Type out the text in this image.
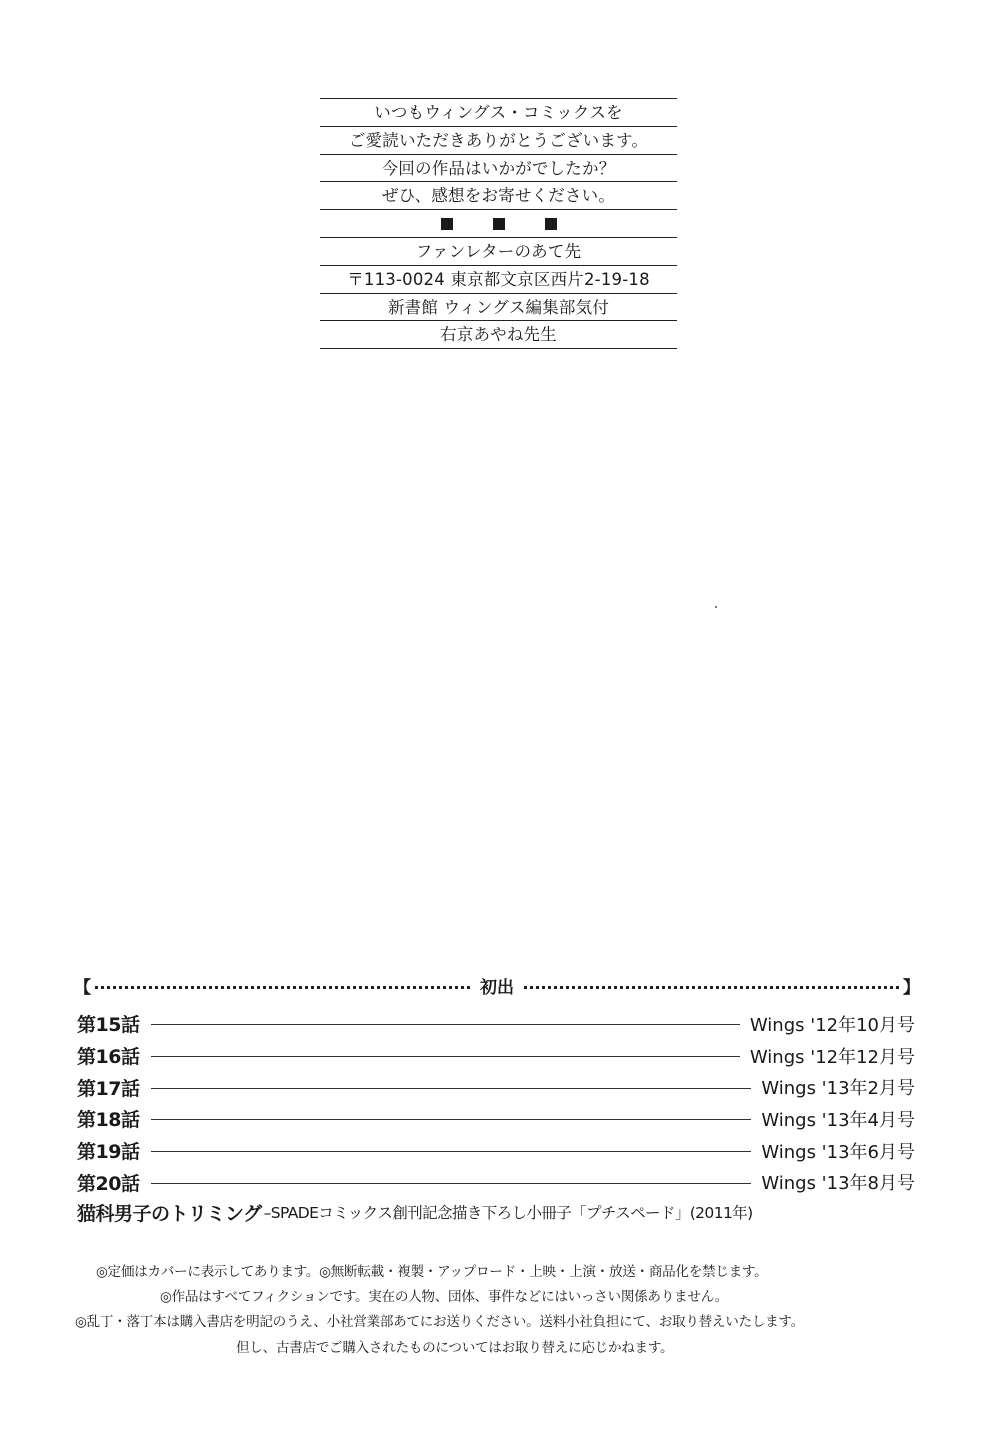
いつもウィングス・コミックスを
ご愛読いただきありがとうございます。
今回の作品はいかがでしたか？
ぜひ、感想をお寄せください。
ファンレターのあて先
〒113-0024 東京都文京区西片2-19-18
新書館 ウィングス編集部気付
右京あやね先生
【	初出	】
第15話	Wings '12年10月号
第16話	Wings '12年12月号
第17話	Wings '13年2月号
第18話	Wings '13年4月号
第19話	Wings '13年6月号
第20話	Wings '13年8月号
猫科男子のトリミング –SPADEコミックス創刊記念描き下ろし小冊子「プチスペード」(2011年)
◎定価はカバーに表示してあります。◎無断転載・複製・アップロード・上映・上演・放送・商品化を禁じます。
◎作品はすべてフィクションです。実在の人物、団体、事件などにはいっさい関係ありません。
◎乱丁・落丁本は購入書店を明記のうえ、小社営業部あてにお送りください。送料小社負担にて、お取り替えいたします。
但し、古書店でご購入されたものについてはお取り替えに応じかねます。
